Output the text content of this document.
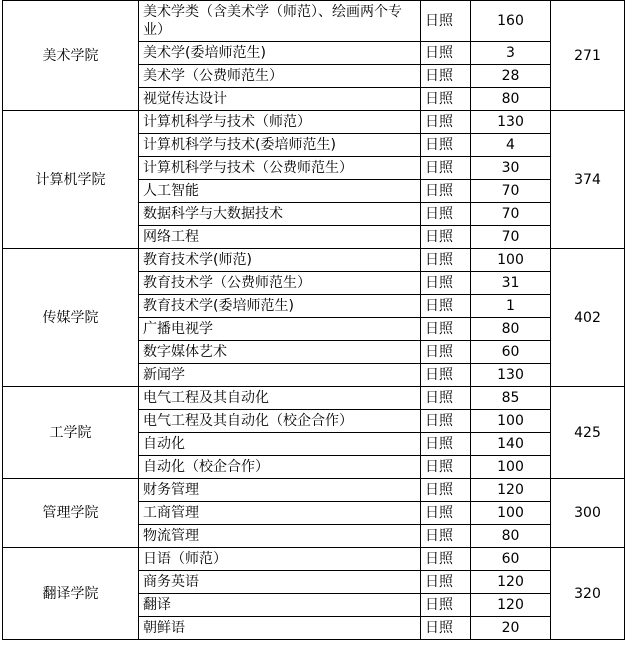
美术学院	美术学类（含美术学（师范）、绘画两个专业）	日照	160	271
	美术学(委培师范生)	日照	3	
	美术学（公费师范生）	日照	28	
	视觉传达设计	日照	80	
计算机学院	计算机科学与技术（师范）	日照	130	374
	计算机科学与技术(委培师范生)	日照	4	
	计算机科学与技术（公费师范生）	日照	30	
	人工智能	日照	70	
	数据科学与大数据技术	日照	70	
	网络工程	日照	70	
传媒学院	教育技术学(师范)	日照	100	402
	教育技术学（公费师范生）	日照	31	
	教育技术学(委培师范生)	日照	1	
	广播电视学	日照	80	
	数字媒体艺术	日照	60	
	新闻学	日照	130	
工学院	电气工程及其自动化	日照	85	425
	电气工程及其自动化（校企合作）	日照	100	
	自动化	日照	140	
	自动化（校企合作）	日照	100	
管理学院	财务管理	日照	120	300
	工商管理	日照	100	
	物流管理	日照	80	
翻译学院	日语（师范）	日照	60	320
	商务英语	日照	120	
	翻译	日照	120	
	朝鲜语	日照	20	
